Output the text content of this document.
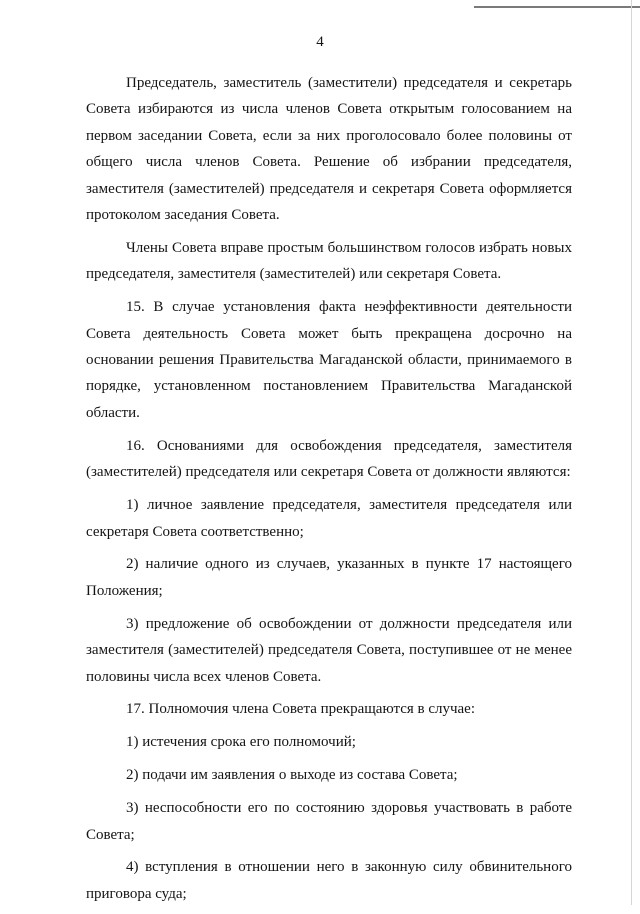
4

Председатель, заместитель (заместители) председателя и секретарь Совета избираются из числа членов Совета открытым голосованием на первом заседании Совета, если за них проголосовало более половины от общего числа членов Совета. Решение об избрании председателя, заместителя (заместителей) председателя и секретаря Совета оформляется протоколом заседания Совета.

Члены Совета вправе простым большинством голосов избрать новых председателя, заместителя (заместителей) или секретаря Совета.

15. В случае установления факта неэффективности деятельности Совета деятельность Совета может быть прекращена досрочно на основании решения Правительства Магаданской области, принимаемого в порядке, установленном постановлением Правительства Магаданской области.

16. Основаниями для освобождения председателя, заместителя (заместителей) председателя или секретаря Совета от должности являются:

1) личное заявление председателя, заместителя председателя или секретаря Совета соответственно;

2) наличие одного из случаев, указанных в пункте 17 настоящего Положения;

3) предложение об освобождении от должности председателя или заместителя (заместителей) председателя Совета, поступившее от не менее половины числа всех членов Совета.

17. Полномочия члена Совета прекращаются в случае:

1) истечения срока его полномочий;

2) подачи им заявления о выходе из состава Совета;

3) неспособности его по состоянию здоровья участвовать в работе Совета;

4) вступления в отношении него в законную силу обвинительного приговора суда;
